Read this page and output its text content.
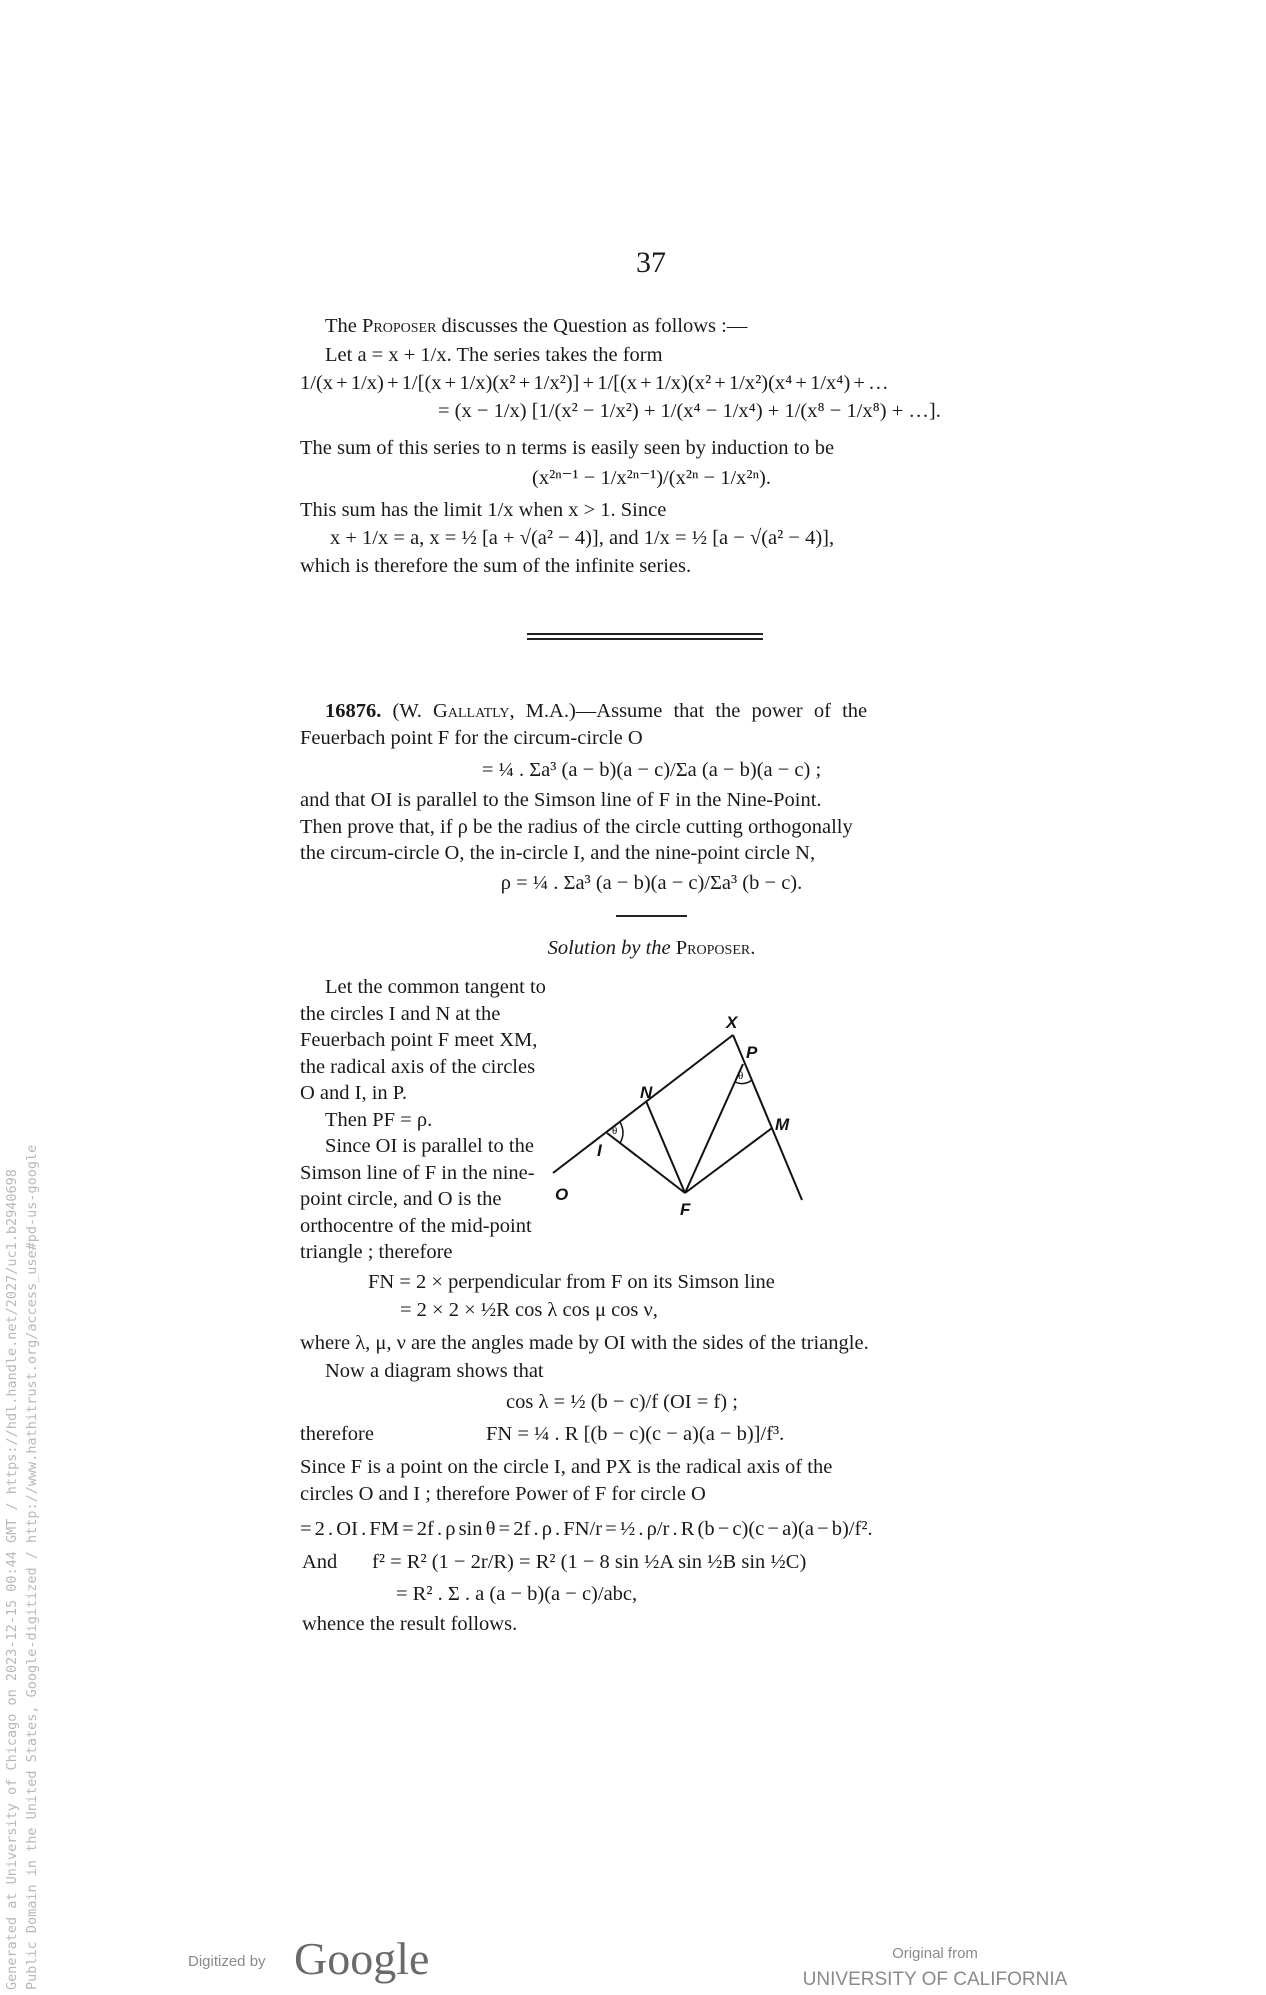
37
The Proposer discusses the Question as follows :—
Let a = x + 1/x. The series takes the form
1/(x + 1/x) + 1/[(x + 1/x)(x² + 1/x²)] + 1/[(x + 1/x)(x² + 1/x²)(x⁴ + 1/x⁴) + …
= (x − 1/x) [1/(x² − 1/x²) + 1/(x⁴ − 1/x⁴) + 1/(x⁸ − 1/x⁸) + …].
The sum of this series to n terms is easily seen by induction to be
(x²ⁿ⁻¹ − 1/x²ⁿ⁻¹)/(x²ⁿ − 1/x²ⁿ).
This sum has the limit 1/x when x > 1. Since
x + 1/x = a, x = ½ [a + √(a² − 4)], and 1/x = ½ [a − √(a² − 4)],
which is therefore the sum of the infinite series.
16876. (W. Gallatly, M.A.)—Assume that the power of the
Feuerbach point F for the circum-circle O
= ¼ . Σa³ (a − b)(a − c)/Σa (a − b)(a − c) ;
and that OI is parallel to the Simson line of F in the Nine-Point.
Then prove that, if ρ be the radius of the circle cutting orthogonally
the circum-circle O, the in-circle I, and the nine-point circle N,
ρ = ¼ . Σa³ (a − b)(a − c)/Σa³ (b − c).
Solution by the Proposer.
Let the common tangent to
the circles I and N at the
Feuerbach point F meet XM,
the radical axis of the circles
O and I, in P.
Then PF = ρ.
Since OI is parallel to the
Simson line of F in the nine-
point circle, and O is the
orthocentre of the mid-point
triangle ; therefore
O
I
N
X
P
M
F
θ
θ
FN = 2 × perpendicular from F on its Simson line
= 2 × 2 × ½R cos λ cos μ cos ν,
where λ, μ, ν are the angles made by OI with the sides of the triangle.
Now a diagram shows that
cos λ = ½ (b − c)/f (OI = f) ;
therefore	FN = ¼ . R [(b − c)(c − a)(a − b)]/f³.
Since F is a point on the circle I, and PX is the radical axis of the
circles O and I ; therefore Power of F for circle O
= 2 . OI . FM = 2f . ρ sin θ = 2f . ρ . FN/r = ½ . ρ/r . R (b − c)(c − a)(a − b)/f².
And f² = R² (1 − 2r/R) = R² (1 − 8 sin ½A sin ½B sin ½C)
= R² . Σ . a (a − b)(a − c)/abc,
whence the result follows.
Generated at University of Chicago on 2023-12-15 00:44 GMT / https://hdl.handle.net/2027/uc1.b2940698 Public Domain in the United States, Google-digitized / http://www.hathitrust.org/access_use#pd-us-google	Digitized by Google	Original from
UNIVERSITY OF CALIFORNIA
